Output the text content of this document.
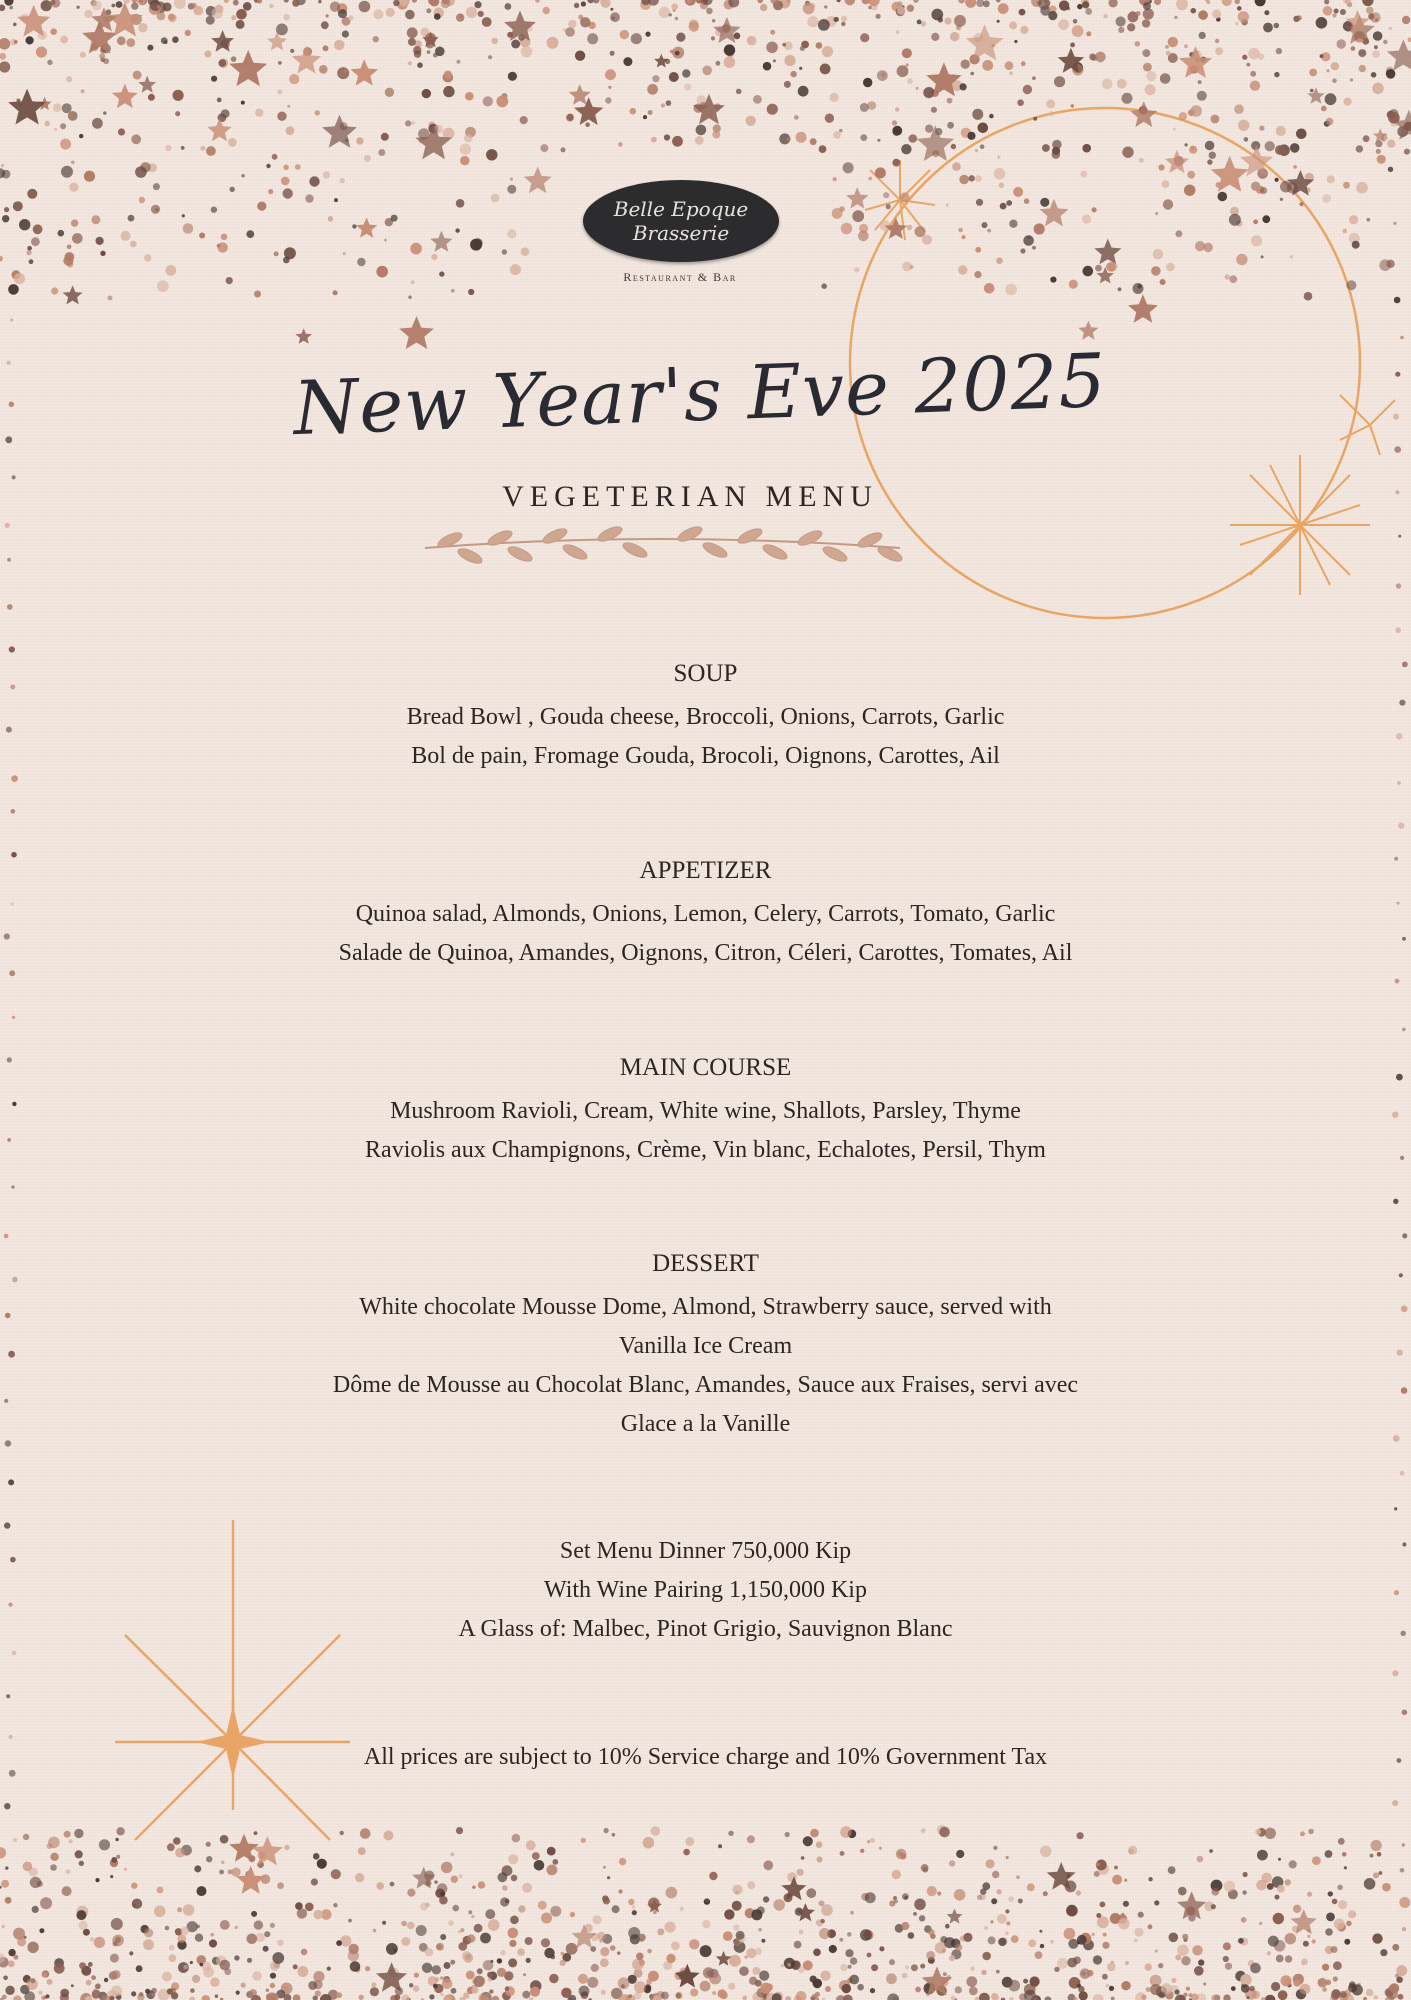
Belle Epoque
Brasserie
Restaurant & Bar
New Year's Eve 2025
VEGETERIAN MENU
SOUP
Bread Bowl , Gouda cheese, Broccoli, Onions, Carrots, Garlic
Bol de pain, Fromage Gouda, Brocoli, Oignons, Carottes, Ail
APPETIZER
Quinoa salad, Almonds, Onions, Lemon, Celery, Carrots, Tomato, Garlic
Salade de Quinoa, Amandes, Oignons, Citron, Céleri, Carottes, Tomates, Ail
MAIN COURSE
Mushroom Ravioli, Cream, White wine, Shallots, Parsley, Thyme
Raviolis aux Champignons, Crème, Vin blanc, Echalotes, Persil, Thym
DESSERT
White chocolate Mousse Dome, Almond, Strawberry sauce, served with
Vanilla Ice Cream
Dôme de Mousse au Chocolat Blanc, Amandes, Sauce aux Fraises, servi avec
Glace a la Vanille
Set Menu Dinner 750,000 Kip
With Wine Pairing 1,150,000 Kip
A Glass of: Malbec, Pinot Grigio, Sauvignon Blanc
All prices are subject to 10% Service charge and 10% Government Tax
